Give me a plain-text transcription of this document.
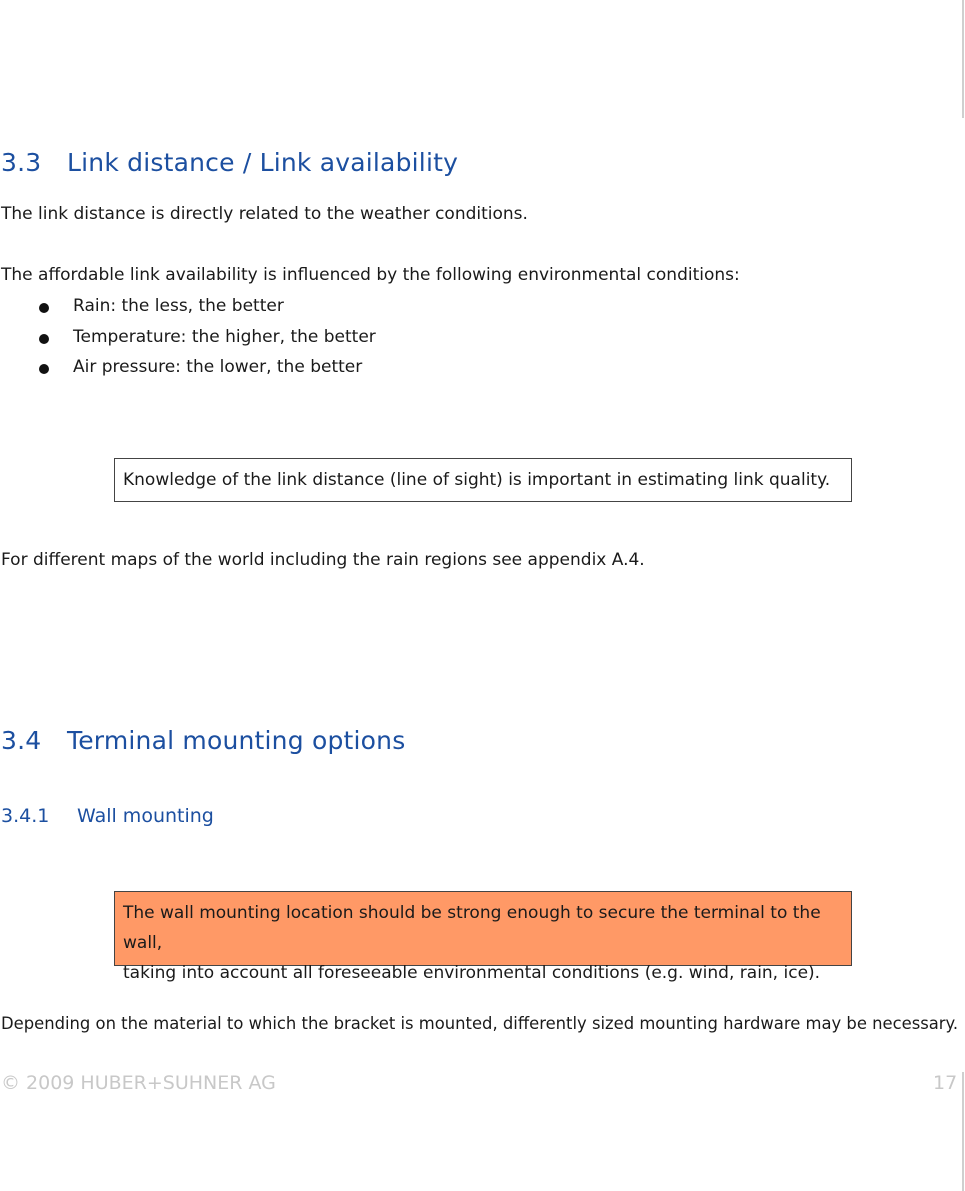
3.3 Link distance / Link availability
The link distance is directly related to the weather conditions.
The affordable link availability is influenced by the following environmental conditions:
Rain: the less, the better
Temperature: the higher, the better
Air pressure: the lower, the better
Knowledge of the link distance (line of sight) is important in estimating link quality.
For different maps of the world including the rain regions see appendix A.4.
3.4 Terminal mounting options
3.4.1 Wall mounting
The wall mounting location should be strong enough to secure the terminal to the wall,
taking into account all foreseeable environmental conditions (e.g. wind, rain, ice).
Depending on the material to which the bracket is mounted, differently sized mounting hardware may be necessary.
© 2009 HUBER+SUHNER AG	17
